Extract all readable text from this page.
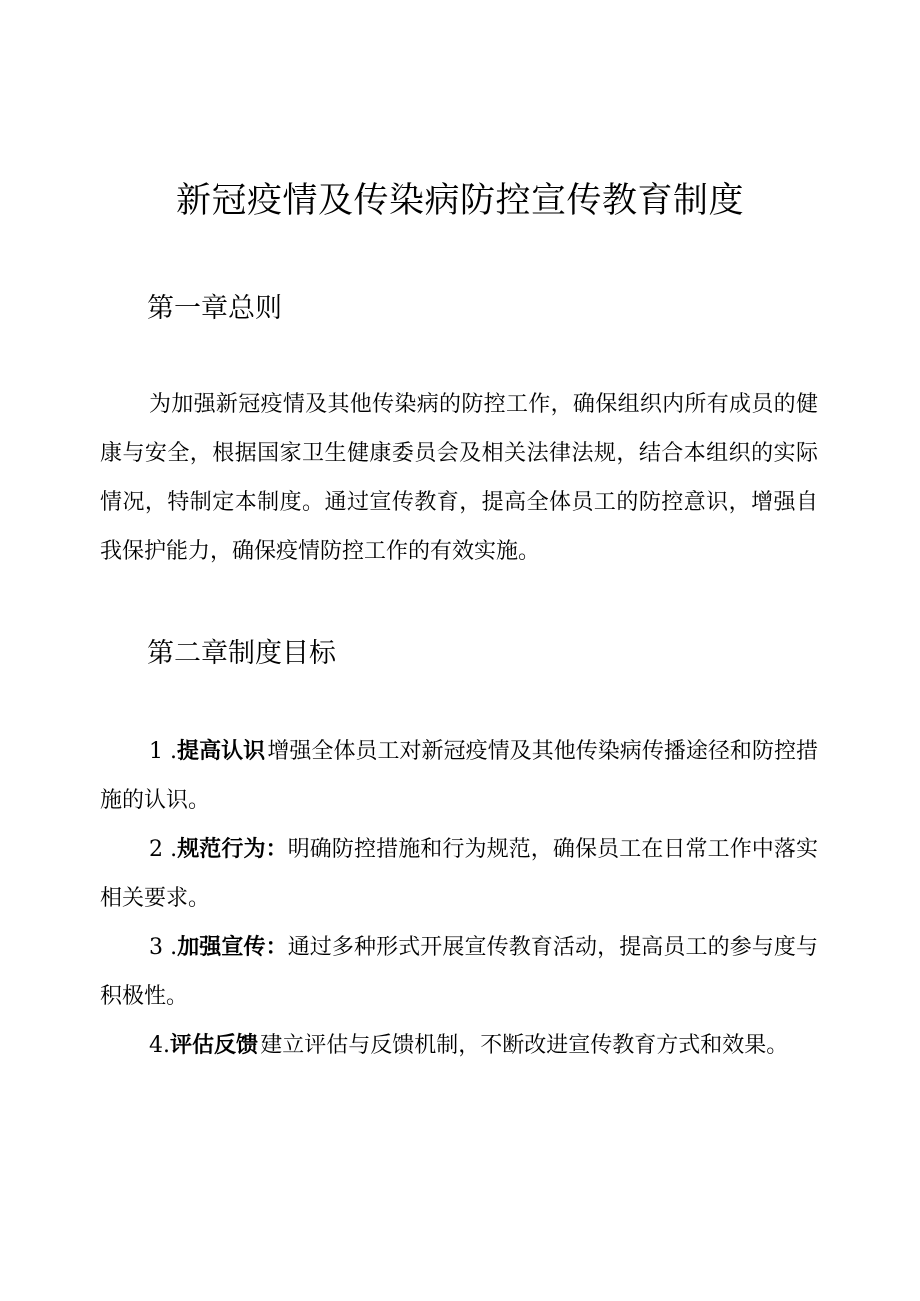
新冠疫情及传染病防控宣传教育制度
第一章总则

为加强新冠疫情及其他传染病的防控工作，确保组织内所有成员的健康与安全，根据国家卫生健康委员会及相关法律法规，结合本组织的实际情况，特制定本制度。通过宣传教育，提高全体员工的防控意识，增强自我保护能力，确保疫情防控工作的有效实施。

第二章制度目标

1 .提高认识  增强全体员工对新冠疫情及其他传染病传播途径和防控措施的认识。

2 .规范行为：明确防控措施和行为规范，确保员工在日常工作中落实相关要求。

3 .加强宣传：通过多种形式开展宣传教育活动，提高员工的参与度与积极性。

4.评估反馈  建立评估与反馈机制，不断改进宣传教育方式和效果。
